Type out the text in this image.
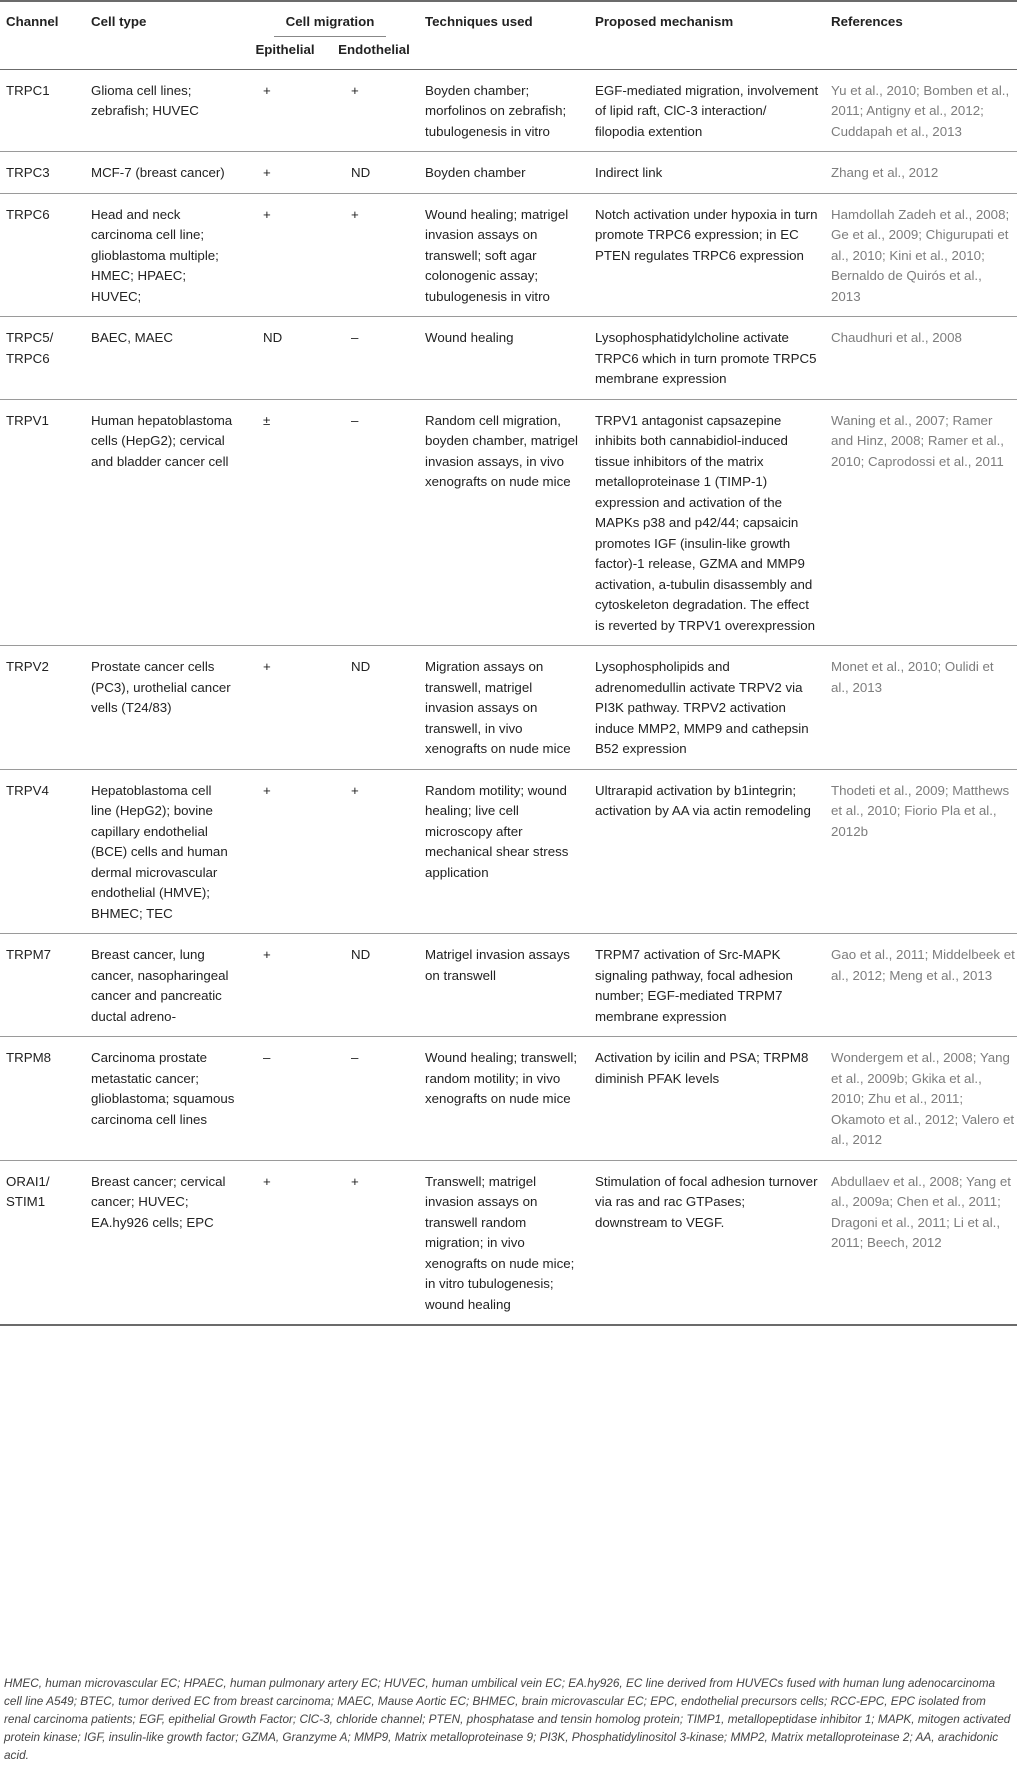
Channel	Cell type	Cell migration		Techniques used	Proposed mechanism	References
		Epithelial	Endothelial			
TRPC1	Glioma cell lines; zebrafish; HUVEC	+	+	Boyden chamber; morfolinos on zebrafish; tubulogenesis in vitro	EGF-mediated migration, involvement of lipid raft, ClC-3 interaction/ filopodia extention	Yu et al., 2010; Bomben et al., 2011; Antigny et al., 2012; Cuddapah et al., 2013
TRPC3	MCF-7 (breast cancer)	+	ND	Boyden chamber	Indirect link	Zhang et al., 2012
TRPC6	Head and neck carcinoma cell line; glioblastoma multiple; HMEC; HPAEC; HUVEC;	+	+	Wound healing; matrigel invasion assays on transwell; soft agar colonogenic assay; tubulogenesis in vitro	Notch activation under hypoxia in turn promote TRPC6 expression; in EC PTEN regulates TRPC6 expression	Hamdollah Zadeh et al., 2008; Ge et al., 2009; Chigurupati et al., 2010; Kini et al., 2010; Bernaldo de Quirós et al., 2013
TRPC5/ TRPC6	BAEC, MAEC	ND	–	Wound healing	Lysophosphatidylcholine activate TRPC6 which in turn promote TRPC5 membrane expression	Chaudhuri et al., 2008
TRPV1	Human hepatoblastoma cells (HepG2); cervical and bladder cancer cell	±	–	Random cell migration, boyden chamber, matrigel invasion assays, in vivo xenografts on nude mice	TRPV1 antagonist capsazepine inhibits both cannabidiol-induced tissue inhibitors of the matrix metalloproteinase 1 (TIMP-1) expression and activation of the MAPKs p38 and p42/44; capsaicin promotes IGF (insulin-like growth factor)-1 release, GZMA and MMP9 activation, a-tubulin disassembly and cytoskeleton degradation. The effect is reverted by TRPV1 overexpression	Waning et al., 2007; Ramer and Hinz, 2008; Ramer et al., 2010; Caprodossi et al., 2011
TRPV2	Prostate cancer cells (PC3), urothelial cancer vells (T24/83)	+	ND	Migration assays on transwell, matrigel invasion assays on transwell, in vivo xenografts on nude mice	Lysophospholipids and adrenomedullin activate TRPV2 via PI3K pathway. TRPV2 activation induce MMP2, MMP9 and cathepsin B52 expression	Monet et al., 2010; Oulidi et al., 2013
TRPV4	Hepatoblastoma cell line (HepG2); bovine capillary endothelial (BCE) cells and human dermal microvascular endothelial (HMVE); BHMEC; TEC	+	+	Random motility; wound healing; live cell microscopy after mechanical shear stress application	Ultrarapid activation by b1integrin; activation by AA via actin remodeling	Thodeti et al., 2009; Matthews et al., 2010; Fiorio Pla et al., 2012b
TRPM7	Breast cancer, lung cancer, nasopharingeal cancer and pancreatic ductal adreno-	+	ND	Matrigel invasion assays on transwell	TRPM7 activation of Src-MAPK signaling pathway, focal adhesion number; EGF-mediated TRPM7 membrane expression	Gao et al., 2011; Middelbeek et al., 2012; Meng et al., 2013
TRPM8	Carcinoma prostate metastatic cancer; glioblastoma; squamous carcinoma cell lines	–	–	Wound healing; transwell; random motility; in vivo xenografts on nude mice	Activation by icilin and PSA; TRPM8 diminish PFAK levels	Wondergem et al., 2008; Yang et al., 2009b; Gkika et al., 2010; Zhu et al., 2011; Okamoto et al., 2012; Valero et al., 2012
ORAI1/ STIM1	Breast cancer; cervical cancer; HUVEC; EA.hy926 cells; EPC	+	+	Transwell; matrigel invasion assays on transwell random migration; in vivo xenografts on nude mice; in vitro tubulogenesis; wound healing	Stimulation of focal adhesion turnover via ras and rac GTPases; downstream to VEGF.	Abdullaev et al., 2008; Yang et al., 2009a; Chen et al., 2011; Dragoni et al., 2011; Li et al., 2011; Beech, 2012
HMEC, human microvascular EC; HPAEC, human pulmonary artery EC; HUVEC, human umbilical vein EC; EA.hy926, EC line derived from HUVECs fused with human lung adenocarcinoma cell line A549; BTEC, tumor derived EC from breast carcinoma; MAEC, Mause Aortic EC; BHMEC, brain microvascular EC; EPC, endothelial precursors cells; RCC-EPC, EPC isolated from renal carcinoma patients; EGF, epithelial Growth Factor; ClC-3, chloride channel; PTEN, phosphatase and tensin homolog protein; TIMP1, metallopeptidase inhibitor 1; MAPK, mitogen activated protein kinase; IGF, insulin-like growth factor; GZMA, Granzyme A; MMP9, Matrix metalloproteinase 9; PI3K, Phosphatidylinositol 3-kinase; MMP2, Matrix metalloproteinase 2; AA, arachidonic acid.
